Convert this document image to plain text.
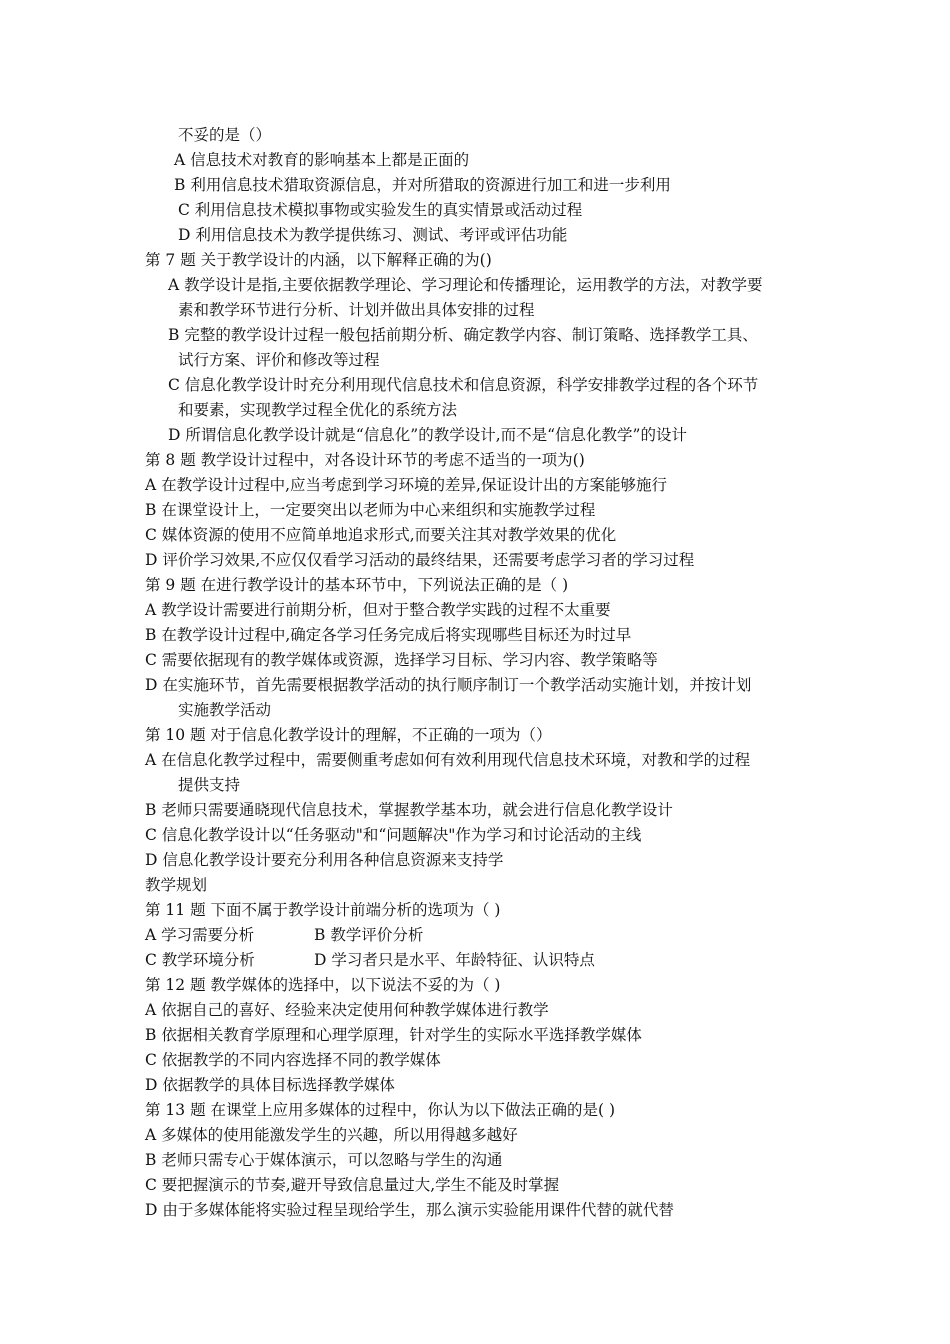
不妥的是（）
A 信息技术对教育的影响基本上都是正面的
B 利用信息技术猎取资源信息，并对所猎取的资源进行加工和进一步利用
C 利用信息技术模拟事物或实验发生的真实情景或活动过程
D 利用信息技术为教学提供练习、测试、考评或评估功能
第 7 题 关于教学设计的内涵，以下解释正确的为()
A 教学设计是指,主要依据教学理论、学习理论和传播理论，运用教学的方法，对教学要
素和教学环节进行分析、计划并做出具体安排的过程
B 完整的教学设计过程一般包括前期分析、确定教学内容、制订策略、选择教学工具、
试行方案、评价和修改等过程
C 信息化教学设计时充分利用现代信息技术和信息资源，科学安排教学过程的各个环节
和要素，实现教学过程全优化的系统方法
D 所谓信息化教学设计就是“信息化”的教学设计,而不是“信息化教学”的设计
第 8 题 教学设计过程中，对各设计环节的考虑不适当的一项为()
A 在教学设计过程中,应当考虑到学习环境的差异,保证设计出的方案能够施行
B 在课堂设计上，一定要突出以老师为中心来组织和实施教学过程
C 媒体资源的使用不应简单地追求形式,而要关注其对教学效果的优化
D 评价学习效果,不应仅仅看学习活动的最终结果，还需要考虑学习者的学习过程
第 9 题 在进行教学设计的基本环节中，下列说法正确的是（ )
A 教学设计需要进行前期分析，但对于整合教学实践的过程不太重要
B 在教学设计过程中,确定各学习任务完成后将实现哪些目标还为时过早
C 需要依据现有的教学媒体或资源，选择学习目标、学习内容、教学策略等
D 在实施环节，首先需要根据教学活动的执行顺序制订一个教学活动实施计划，并按计划
实施教学活动
第 10 题 对于信息化教学设计的理解，不正确的一项为（）
A 在信息化教学过程中，需要侧重考虑如何有效利用现代信息技术环境，对教和学的过程
提供支持
B 老师只需要通晓现代信息技术，掌握教学基本功，就会进行信息化教学设计
C 信息化教学设计以“任务驱动"和“问题解决"作为学习和讨论活动的主线
D 信息化教学设计要充分利用各种信息资源来支持学
教学规划
第 11 题 下面不属于教学设计前端分析的选项为（ )
A 学习需要分析	B 教学评价分析
C 教学环境分析	D 学习者只是水平、年龄特征、认识特点
第 12 题 教学媒体的选择中，以下说法不妥的为（ )
A 依据自己的喜好、经验来决定使用何种教学媒体进行教学
B 依据相关教育学原理和心理学原理，针对学生的实际水平选择教学媒体
C 依据教学的不同内容选择不同的教学媒体
D 依据教学的具体目标选择教学媒体
第 13 题 在课堂上应用多媒体的过程中，你认为以下做法正确的是( )
A 多媒体的使用能激发学生的兴趣，所以用得越多越好
B 老师只需专心于媒体演示，可以忽略与学生的沟通
C 要把握演示的节奏,避开导致信息量过大,学生不能及时掌握
D 由于多媒体能将实验过程呈现给学生，那么演示实验能用课件代替的就代替
